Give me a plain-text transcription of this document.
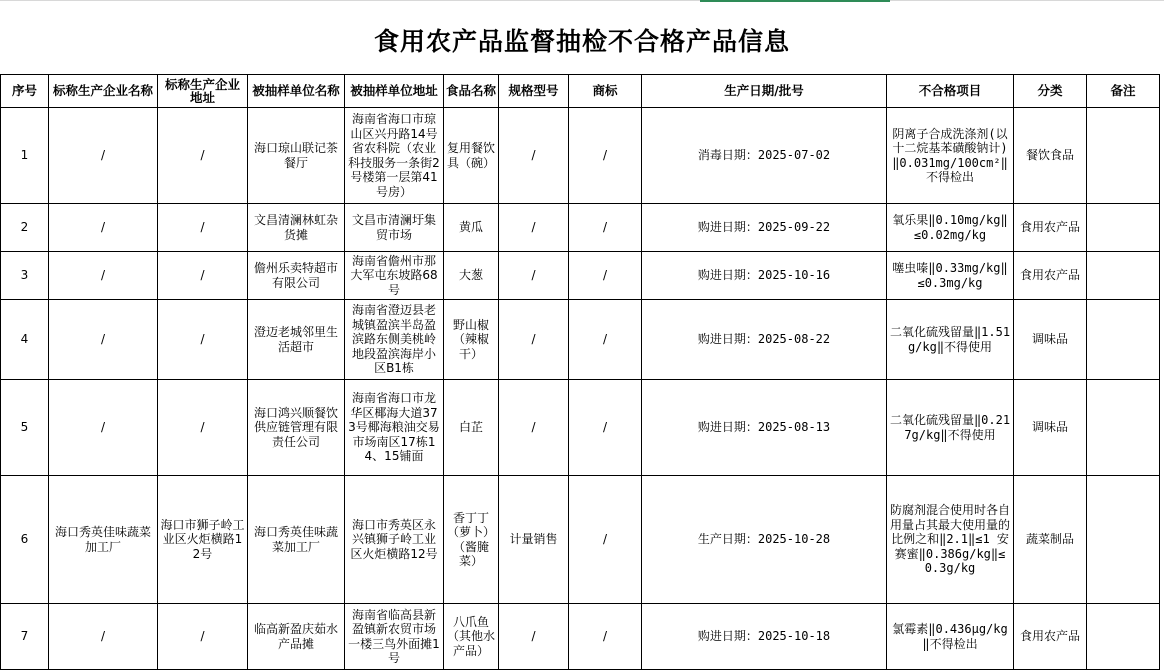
食用农产品监督抽检不合格产品信息
序号	标称生产企业名称	标称生产企业地址	被抽样单位名称	被抽样单位地址	食品名称	规格型号	商标	生产日期/批号	不合格项目	分类	备注
1	/	/	海口琼山联记茶餐厅	海南省海口市琼山区兴丹路14号省农科院（农业科技服务一条街2号楼第一层第41号房）	复用餐饮具（碗）	/	/	消毒日期：2025-07-02	阴离子合成洗涤剂(以十二烷基苯磺酸钠计)‖0.031mg/100cm²‖不得检出	餐饮食品	
2	/	/	文昌清澜林虹杂货摊	文昌市清澜圩集贸市场	黄瓜	/	/	购进日期：2025-09-22	氧乐果‖0.10mg/kg‖≤0.02mg/kg	食用农产品	
3	/	/	儋州乐卖特超市有限公司	海南省儋州市那大军屯东坡路68号	大葱	/	/	购进日期：2025-10-16	噻虫嗪‖0.33mg/kg‖≤0.3mg/kg	食用农产品	
4	/	/	澄迈老城邻里生活超市	海南省澄迈县老城镇盈滨半岛盈滨路东侧美桃岭地段盈滨海岸小区B1栋	野山椒（辣椒干）	/	/	购进日期：2025-08-22	二氧化硫残留量‖1.51g/kg‖不得使用	调味品	
5	/	/	海口鸿兴顺餐饮供应链管理有限责任公司	海南省海口市龙华区椰海大道373号椰海粮油交易市场南区17栋14、15铺面	白芷	/	/	购进日期：2025-08-13	二氧化硫残留量‖0.217g/kg‖不得使用	调味品	
6	海口秀英佳味蔬菜加工厂	海口市狮子岭工业区火炬横路12号	海口秀英佳味蔬菜加工厂	海口市秀英区永兴镇狮子岭工业区火炬横路12号	香丁丁（萝卜）（酱腌菜）	计量销售	/	生产日期：2025-10-28	防腐剂混合使用时各自用量占其最大使用量的比例之和‖2.1‖≤1 安赛蜜‖0.386g/kg‖≤0.3g/kg	蔬菜制品	
7	/	/	临高新盈庆茹水产品摊	海南省临高县新盈镇新农贸市场一楼三鸟外面摊1号	八爪鱼（其他水产品）	/	/	购进日期：2025-10-18	氯霉素‖0.436μg/kg‖不得检出	食用农产品	
